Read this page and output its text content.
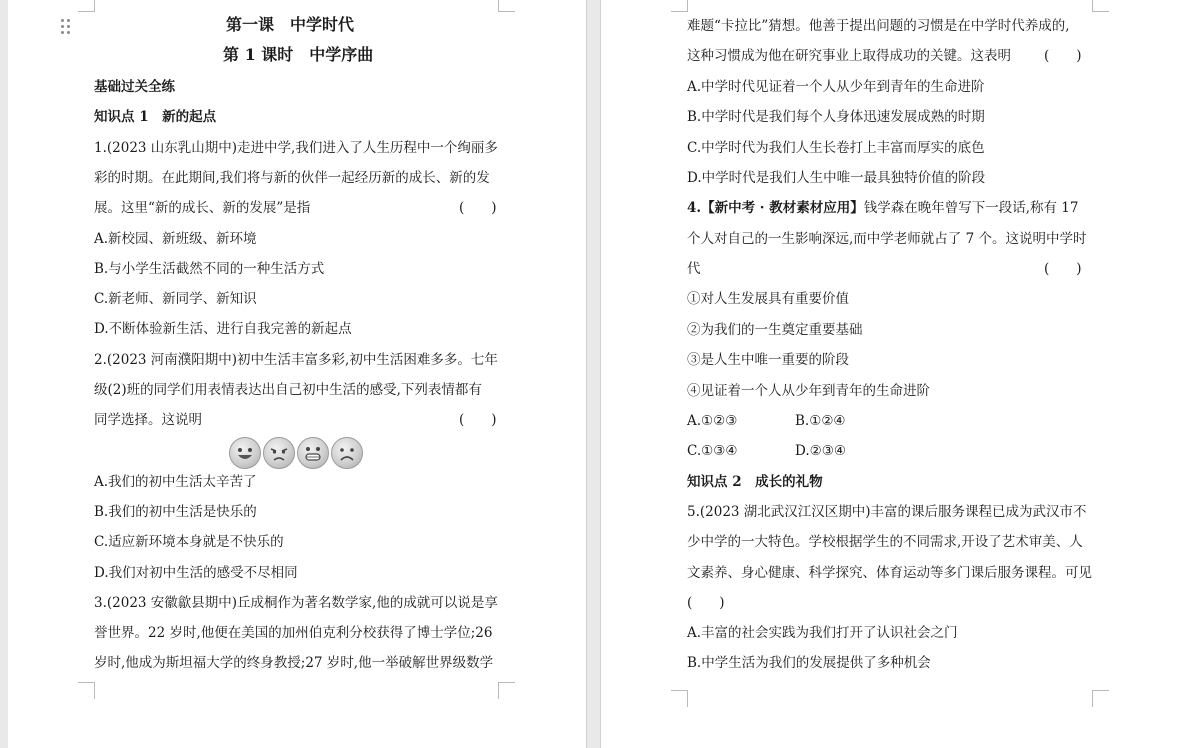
第一课　中学时代
第 1 课时　中学序曲
基础过关全练
知识点 1　新的起点
1.(2023 山东乳山期中)走进中学,我们进入了人生历程中一个绚丽多
彩的时期。在此期间,我们将与新的伙伴一起经历新的成长、新的发
展。这里“新的成长、新的发展”是指	(　　)
A.新校园、新班级、新环境
B.与小学生活截然不同的一种生活方式
C.新老师、新同学、新知识
D.不断体验新生活、进行自我完善的新起点
2.(2023 河南濮阳期中)初中生活丰富多彩,初中生活困难多多。七年
级(2)班的同学们用表情表达出自己初中生活的感受,下列表情都有
同学选择。这说明	(　　)
A.我们的初中生活太辛苦了
B.我们的初中生活是快乐的
C.适应新环境本身就是不快乐的
D.我们对初中生活的感受不尽相同
3.(2023 安徽歙县期中)丘成桐作为著名数学家,他的成就可以说是享
誉世界。22 岁时,他便在美国的加州伯克利分校获得了博士学位;26
岁时,他成为斯坦福大学的终身教授;27 岁时,他一举破解世界级数学
难题“卡拉比”猜想。他善于提出问题的习惯是在中学时代养成的,
这种习惯成为他在研究事业上取得成功的关键。这表明 (　　)
A.中学时代见证着一个人从少年到青年的生命进阶
B.中学时代是我们每个人身体迅速发展成熟的时期
C.中学时代为我们人生长卷打上丰富而厚实的底色
D.中学时代是我们人生中唯一最具独特价值的阶段
4.【新中考 · 教材素材应用】钱学森在晚年曾写下一段话,称有 17
个人对自己的一生影响深远,而中学老师就占了 7 个。这说明中学时
代	(　　)
①对人生发展具有重要价值
②为我们的一生奠定重要基础
③是人生中唯一重要的阶段
④见证着一个人从少年到青年的生命进阶
A.①②③	B.①②④
C.①③④	D.②③④
知识点 2　成长的礼物
5.(2023 湖北武汉江汉区期中)丰富的课后服务课程已成为武汉市不
少中学的一大特色。学校根据学生的不同需求,开设了艺术审美、人
文素养、身心健康、科学探究、体育运动等多门课后服务课程。可见
(　　)
A.丰富的社会实践为我们打开了认识社会之门
B.中学生活为我们的发展提供了多种机会
